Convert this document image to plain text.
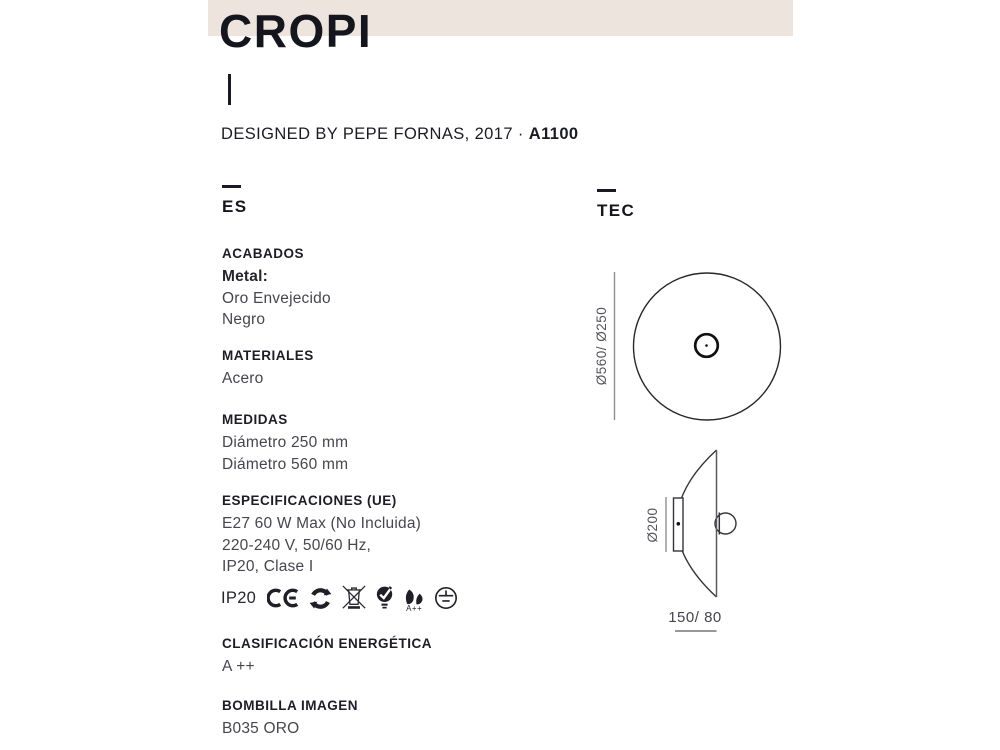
CROPI
DESIGNED BY PEPE FORNAS, 2017 · A1100
ES
ACABADOS
Metal:
Oro Envejecido
Negro
MATERIALES
Acero
MEDIDAS
Diámetro 250 mm
Diámetro 560 mm
ESPECIFICACIONES (UE)
E27 60 W Max (No Incluida)
220-240 V, 50/60 Hz,
IP20, Clase I
IP20
A++
CLASIFICACIÓN ENERGÉTICA
A ++
BOMBILLA IMAGEN
B035 ORO
TEC
Ø560/ Ø250
Ø200
150/ 80
